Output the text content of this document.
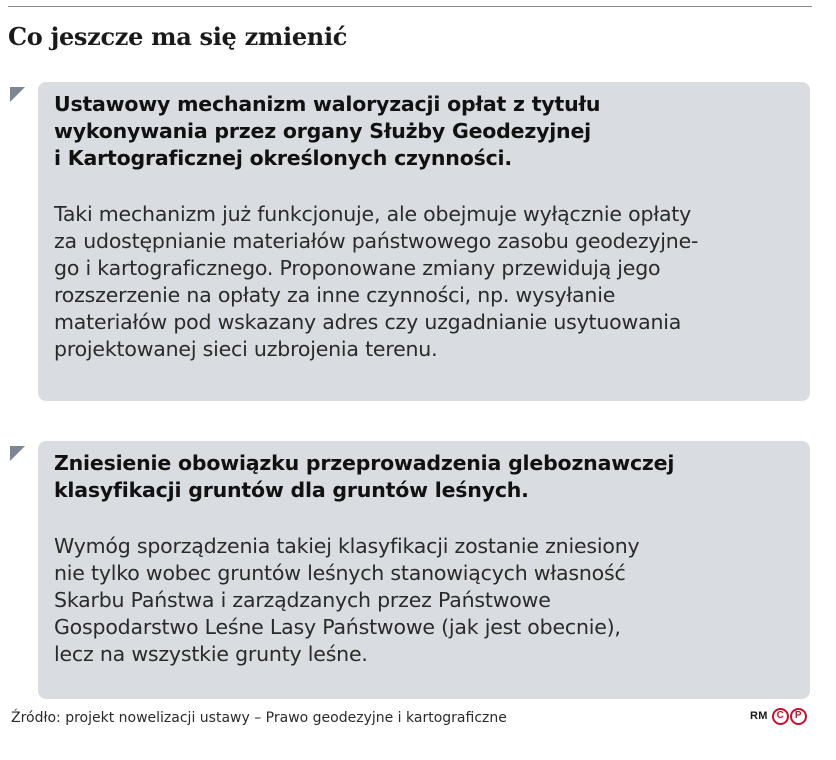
Co jeszcze ma się zmienić
Ustawowy mechanizm waloryzacji opłat z tytułu
wykonywania przez organy Służby Geodezyjnej
i Kartograficznej określonych czynności.

Taki mechanizm już funkcjonuje, ale obejmuje wyłącznie opłaty
za udostępnianie materiałów państwowego zasobu geodezyjne-
go i kartograficznego. Proponowane zmiany przewidują jego
rozszerzenie na opłaty za inne czynności, np. wysyłanie
materiałów pod wskazany adres czy uzgadnianie usytuowania
projektowanej sieci uzbrojenia terenu.

Zniesienie obowiązku przeprowadzenia gleboznawczej
klasyfikacji gruntów dla gruntów leśnych.

Wymóg sporządzenia takiej klasyfikacji zostanie zniesiony
nie tylko wobec gruntów leśnych stanowiących własność
Skarbu Państwa i zarządzanych przez Państwowe
Gospodarstwo Leśne Lasy Państwowe (jak jest obecnie),
lecz na wszystkie grunty leśne.

Źródło: projekt nowelizacji ustawy – Prawo geodezyjne i kartograficzne	RM C	P
